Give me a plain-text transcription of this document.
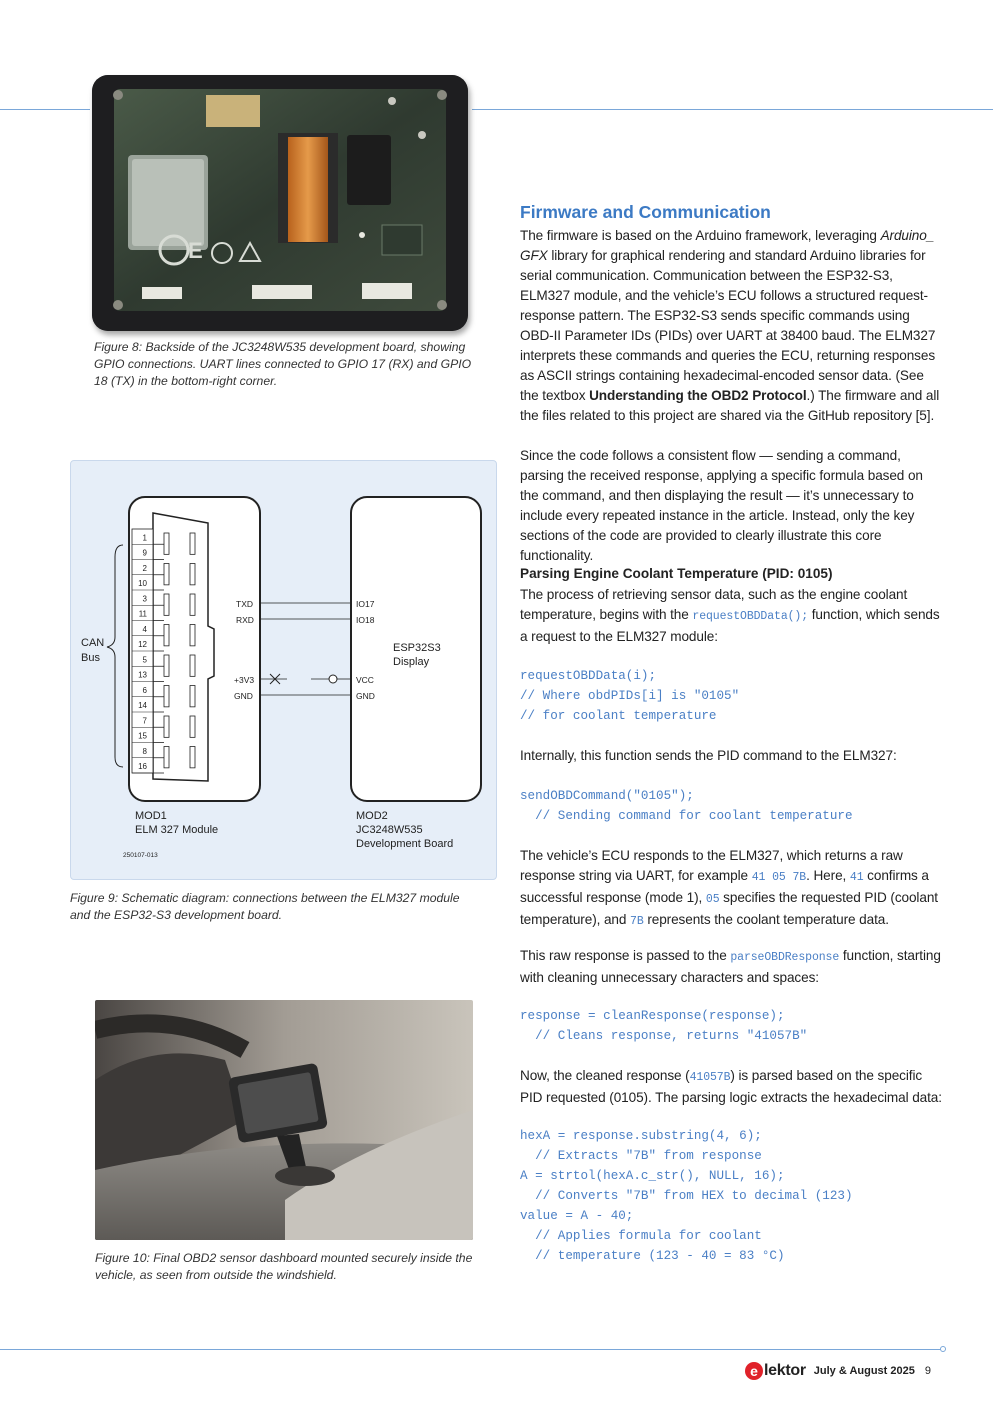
E
Figure 8: Backside of the JC3248W535 development board, showing GPIO connections. UART lines connected to GPIO 17 (RX) and GPIO 18 (TX) in the bottom-right corner.
1
9
2
10
3
11
4
12
5
13
6
14
7
15
8
16
CAN
Bus
TXD
RXD
+3V3
GND
IO17
IO18
VCC
GND
ESP32S3
Display
MOD1
ELM 327 Module
MOD2
JC3248W535
Development Board
250107-013
Figure 9: Schematic diagram: connections between the ELM327 module and the ESP32-S3 development board.
Figure 10: Final OBD2 sensor dashboard mounted securely inside the vehicle, as seen from outside the windshield.
Firmware and Communication
The firmware is based on the Arduino framework, leveraging Arduino_ GFX library for graphical rendering and standard Arduino libraries for serial communication. Communication between the ESP32-S3, ELM327 module, and the vehicle’s ECU follows a structured request-response pattern. The ESP32-S3 sends specific commands using OBD-II Parameter IDs (PIDs) over UART at 38400 baud. The ELM327 interprets these commands and queries the ECU, returning responses as ASCII strings containing hexadecimal-encoded sensor data. (See the textbox Understanding the OBD2 Protocol.) The firmware and all the files related to this project are shared via the GitHub repository [5].
Since the code follows a consistent flow — sending a command, parsing the received response, applying a specific formula based on the command, and then displaying the result — it’s unnecessary to include every repeated instance in the article. Instead, only the key sections of the code are provided to clearly illustrate this core functionality.
Parsing Engine Coolant Temperature (PID: 0105)
The process of retrieving sensor data, such as the engine coolant temperature, begins with the requestOBDData(); function, which sends a request to the ELM327 module:
requestOBDData(i);
// Where obdPIDs[i] is "0105"
// for coolant temperature
Internally, this function sends the PID command to the ELM327:
sendOBDCommand("0105");
// Sending command for coolant temperature
The vehicle’s ECU responds to the ELM327, which returns a raw response string via UART, for example 41 05 7B. Here, 41 confirms a successful response (mode 1), 05 specifies the requested PID (coolant temperature), and 7B represents the coolant temperature data.
This raw response is passed to the parseOBDResponse function, starting with cleaning unnecessary characters and spaces:
response = cleanResponse(response);
// Cleans response, returns "41057B"
Now, the cleaned response (41057B) is parsed based on the specific PID requested (0105). The parsing logic extracts the hexadecimal data:
hexA = response.substring(4, 6);
// Extracts "7B" from response
A = strtol(hexA.c_str(), NULL, 16);
// Converts "7B" from HEX to decimal (123)
value = A - 40;
// Applies formula for coolant
// temperature (123 - 40 = 83 °C)
e lektor July & August 2025 9
